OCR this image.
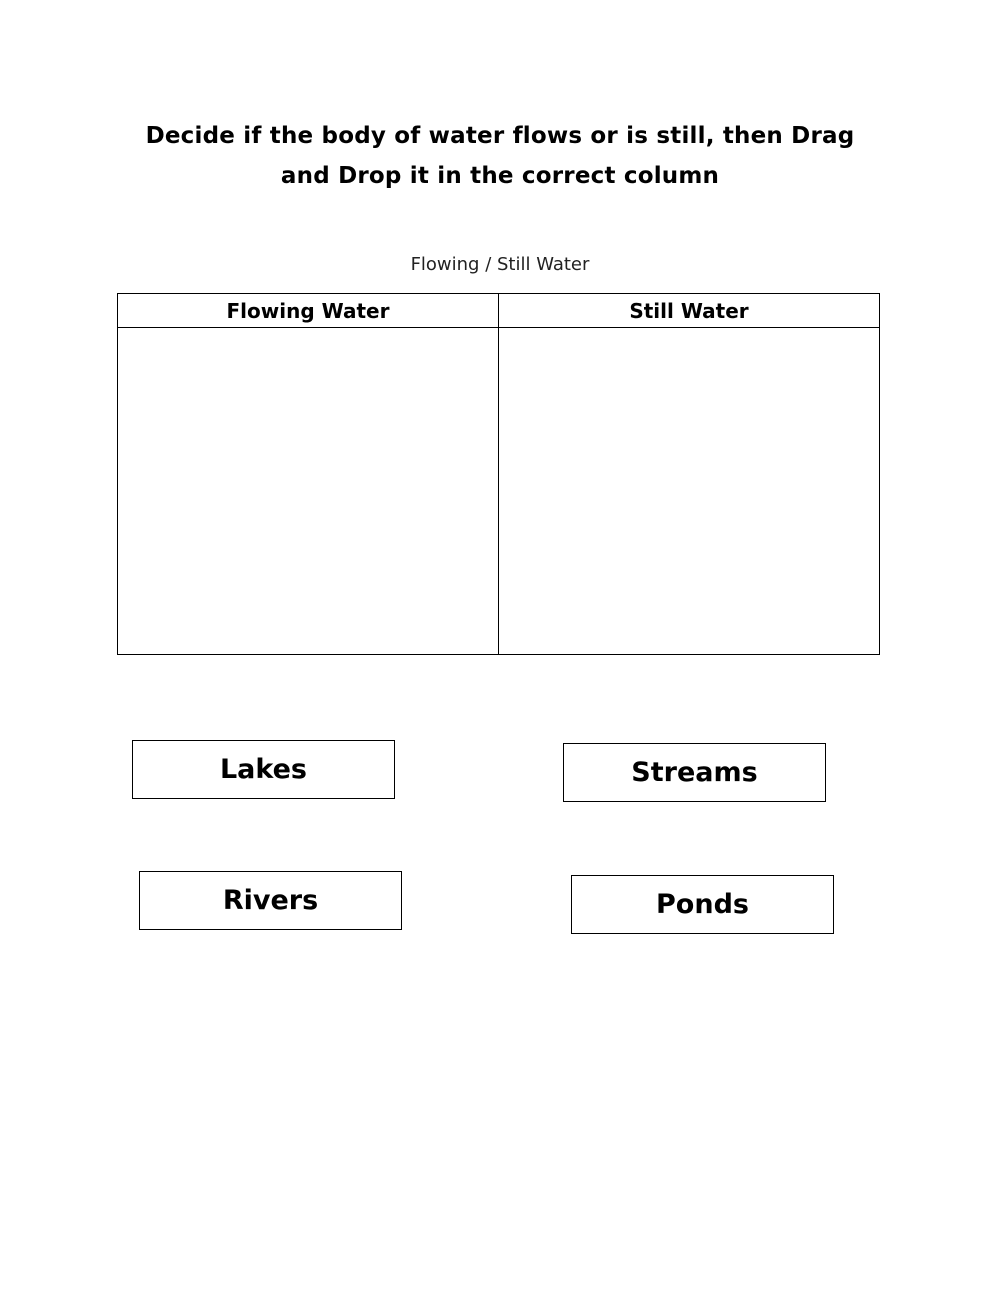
Decide if the body of water flows or is still, then Drag and Drop it in the correct column
Flowing / Still Water
Flowing Water	Still Water
Lakes	Streams
Rivers	Ponds
